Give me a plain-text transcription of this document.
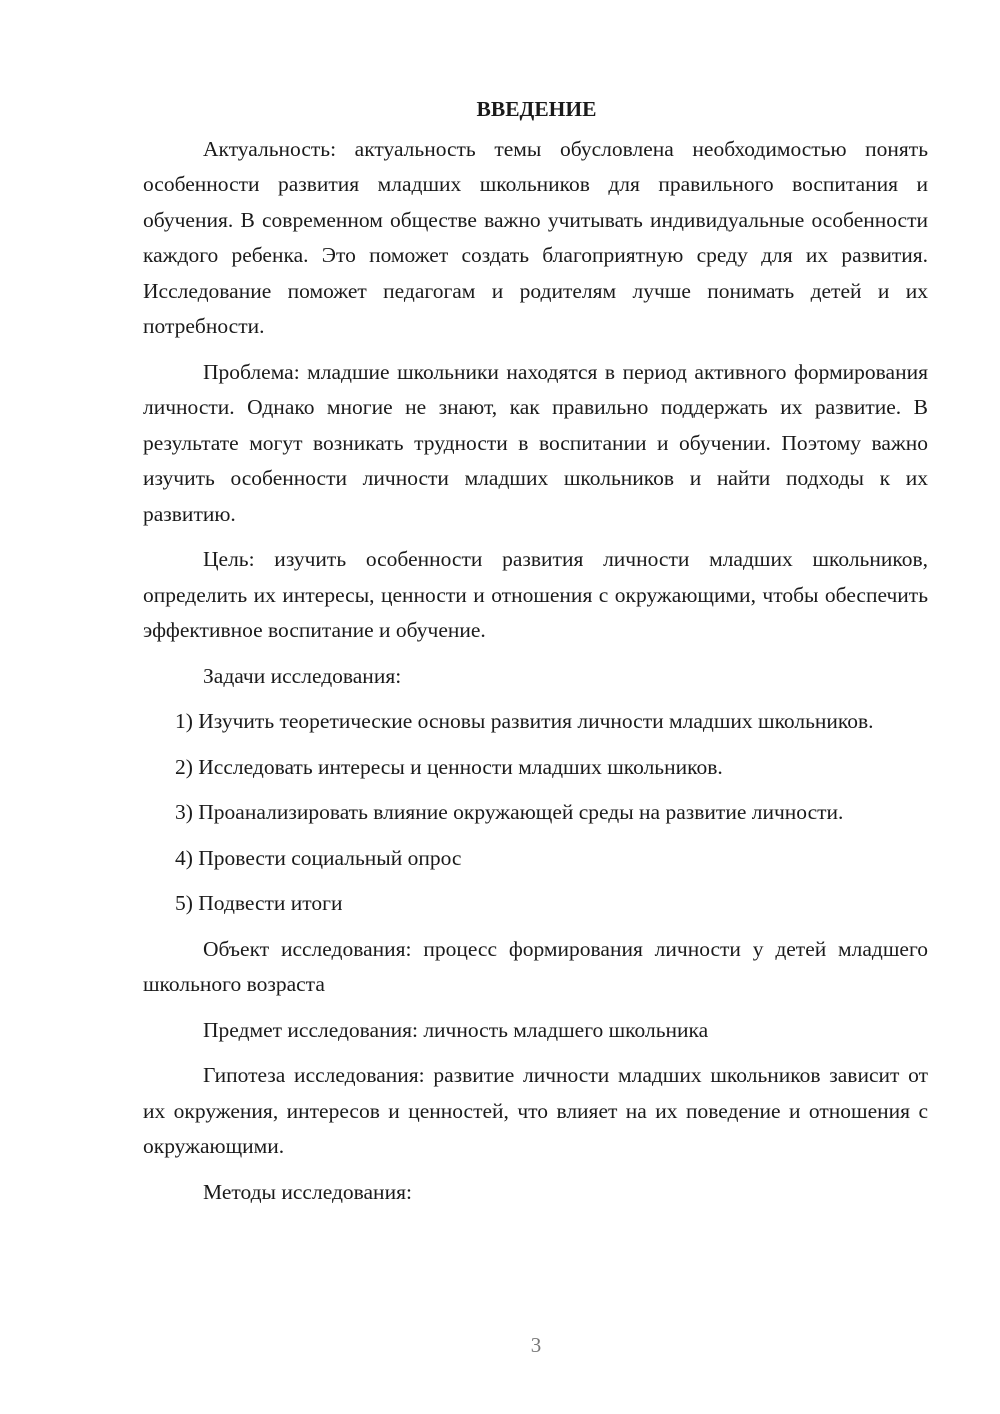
ВВЕДЕНИЕ

Актуальность: актуальность темы обусловлена необходимостью понять особенности развития младших школьников для правильного воспитания и обучения. В современном обществе важно учитывать индивидуальные особенности каждого ребенка. Это поможет создать благоприятную среду для их развития. Исследование поможет педагогам и родителям лучше понимать детей и их потребности.

Проблема: младшие школьники находятся в период активного формирования личности. Однако многие не знают, как правильно поддержать их развитие. В результате могут возникать трудности в воспитании и обучении. Поэтому важно изучить особенности личности младших школьников и найти подходы к их развитию.

Цель: изучить особенности развития личности младших школьников, определить их интересы, ценности и отношения с окружающими, чтобы обеспечить эффективное воспитание и обучение.

Задачи исследования:

1) Изучить теоретические основы развития личности младших школьников.

2) Исследовать интересы и ценности младших школьников.

3) Проанализировать влияние окружающей среды на развитие личности.

4) Провести социальный опрос

5) Подвести итоги

Объект исследования: процесс формирования личности у детей младшего школьного возраста

Предмет исследования: личность младшего школьника

Гипотеза исследования: развитие личности младших школьников зависит от их окружения, интересов и ценностей, что влияет на их поведение и отношения с окружающими.

Методы исследования:

3
